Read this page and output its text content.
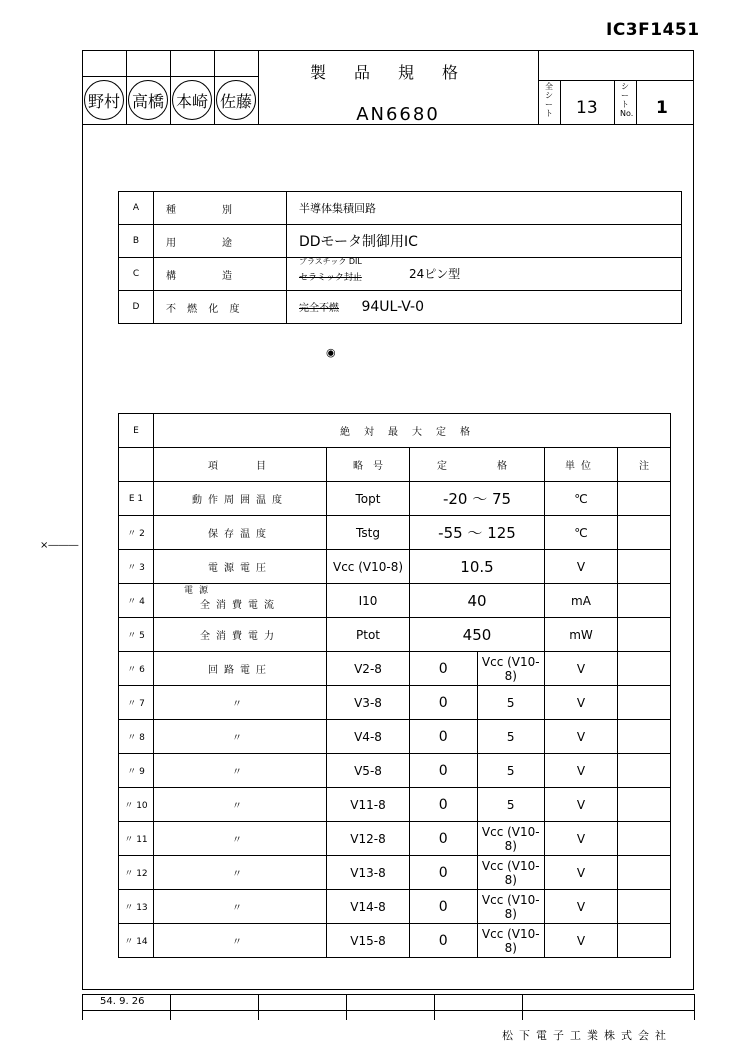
IC3F1451
野村 高橋 本崎 佐藤
製品規格
AN6680
全シート 13
シートNo. 1
A	種　　　別	半導体集積回路
B	用　　　途	DDモータ制御用IC
C	構　　　造	プラスチック DIL
セラミック封止 24ピン型

D	不 燃 化 度	完全不燃 94UL-V-0
◉
E	絶対最大定格					
	項　　目	略　号	定　　格		単位	注
E 1	動作周囲温度	Topt	-20 ～ 75		℃	
〃 2	保存温度	Tstg	-55 ～ 125		℃	
〃 3	電源電圧	Vcc (V10-8)	10.5		V	
〃 4	電源
全消費電流	I10	40		mA	
〃 5	全消費電力	Ptot	450		mW	
〃 6	回路電圧	V2-8	0	Vcc (V10-8)	V	
〃 7	〃	V3-8	0	5	V	
〃 8	〃	V4-8	0	5	V	
〃 9	〃	V5-8	0	5	V	
〃 10	〃	V11-8	0	5	V	
〃 11	〃	V12-8	0	Vcc (V10-8)	V	
〃 12	〃	V13-8	0	Vcc (V10-8)	V	
〃 13	〃	V14-8	0	Vcc (V10-8)	V	
〃 14	〃	V15-8	0	Vcc (V10-8)	V	
×―――
54. 9. 26
松下電子工業株式会社
